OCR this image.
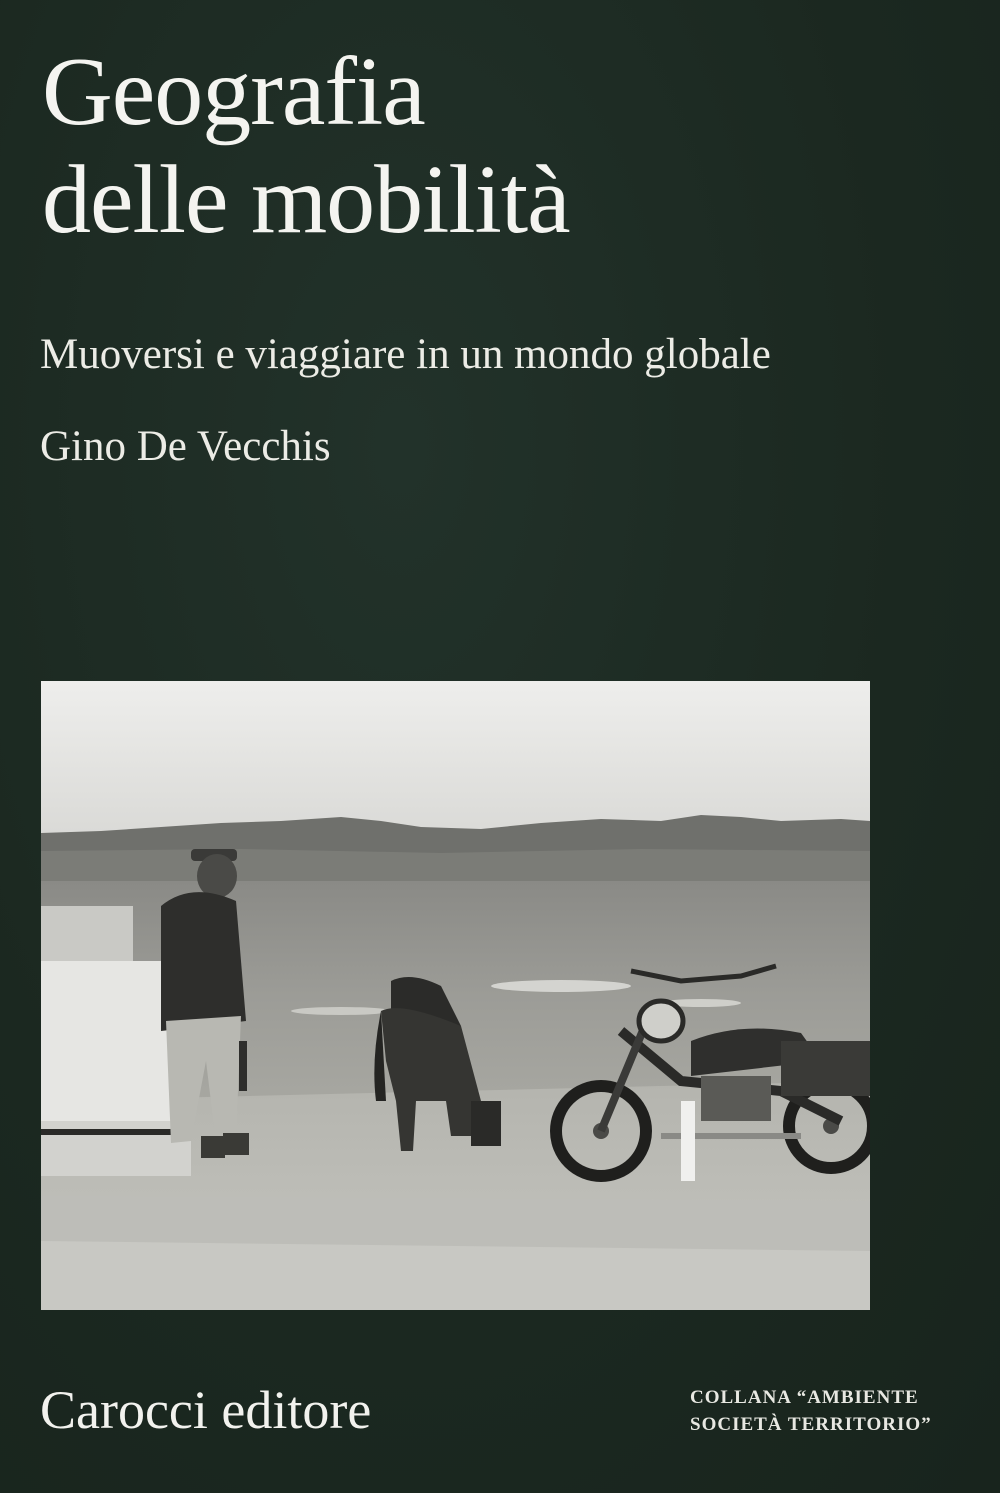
Geografia
delle mobilità

Muoversi e viaggiare in un mondo globale

Gino De Vecchis

Carocci editore	COLLANA “AMBIENTE
SOCIETÀ TERRITORIO”
